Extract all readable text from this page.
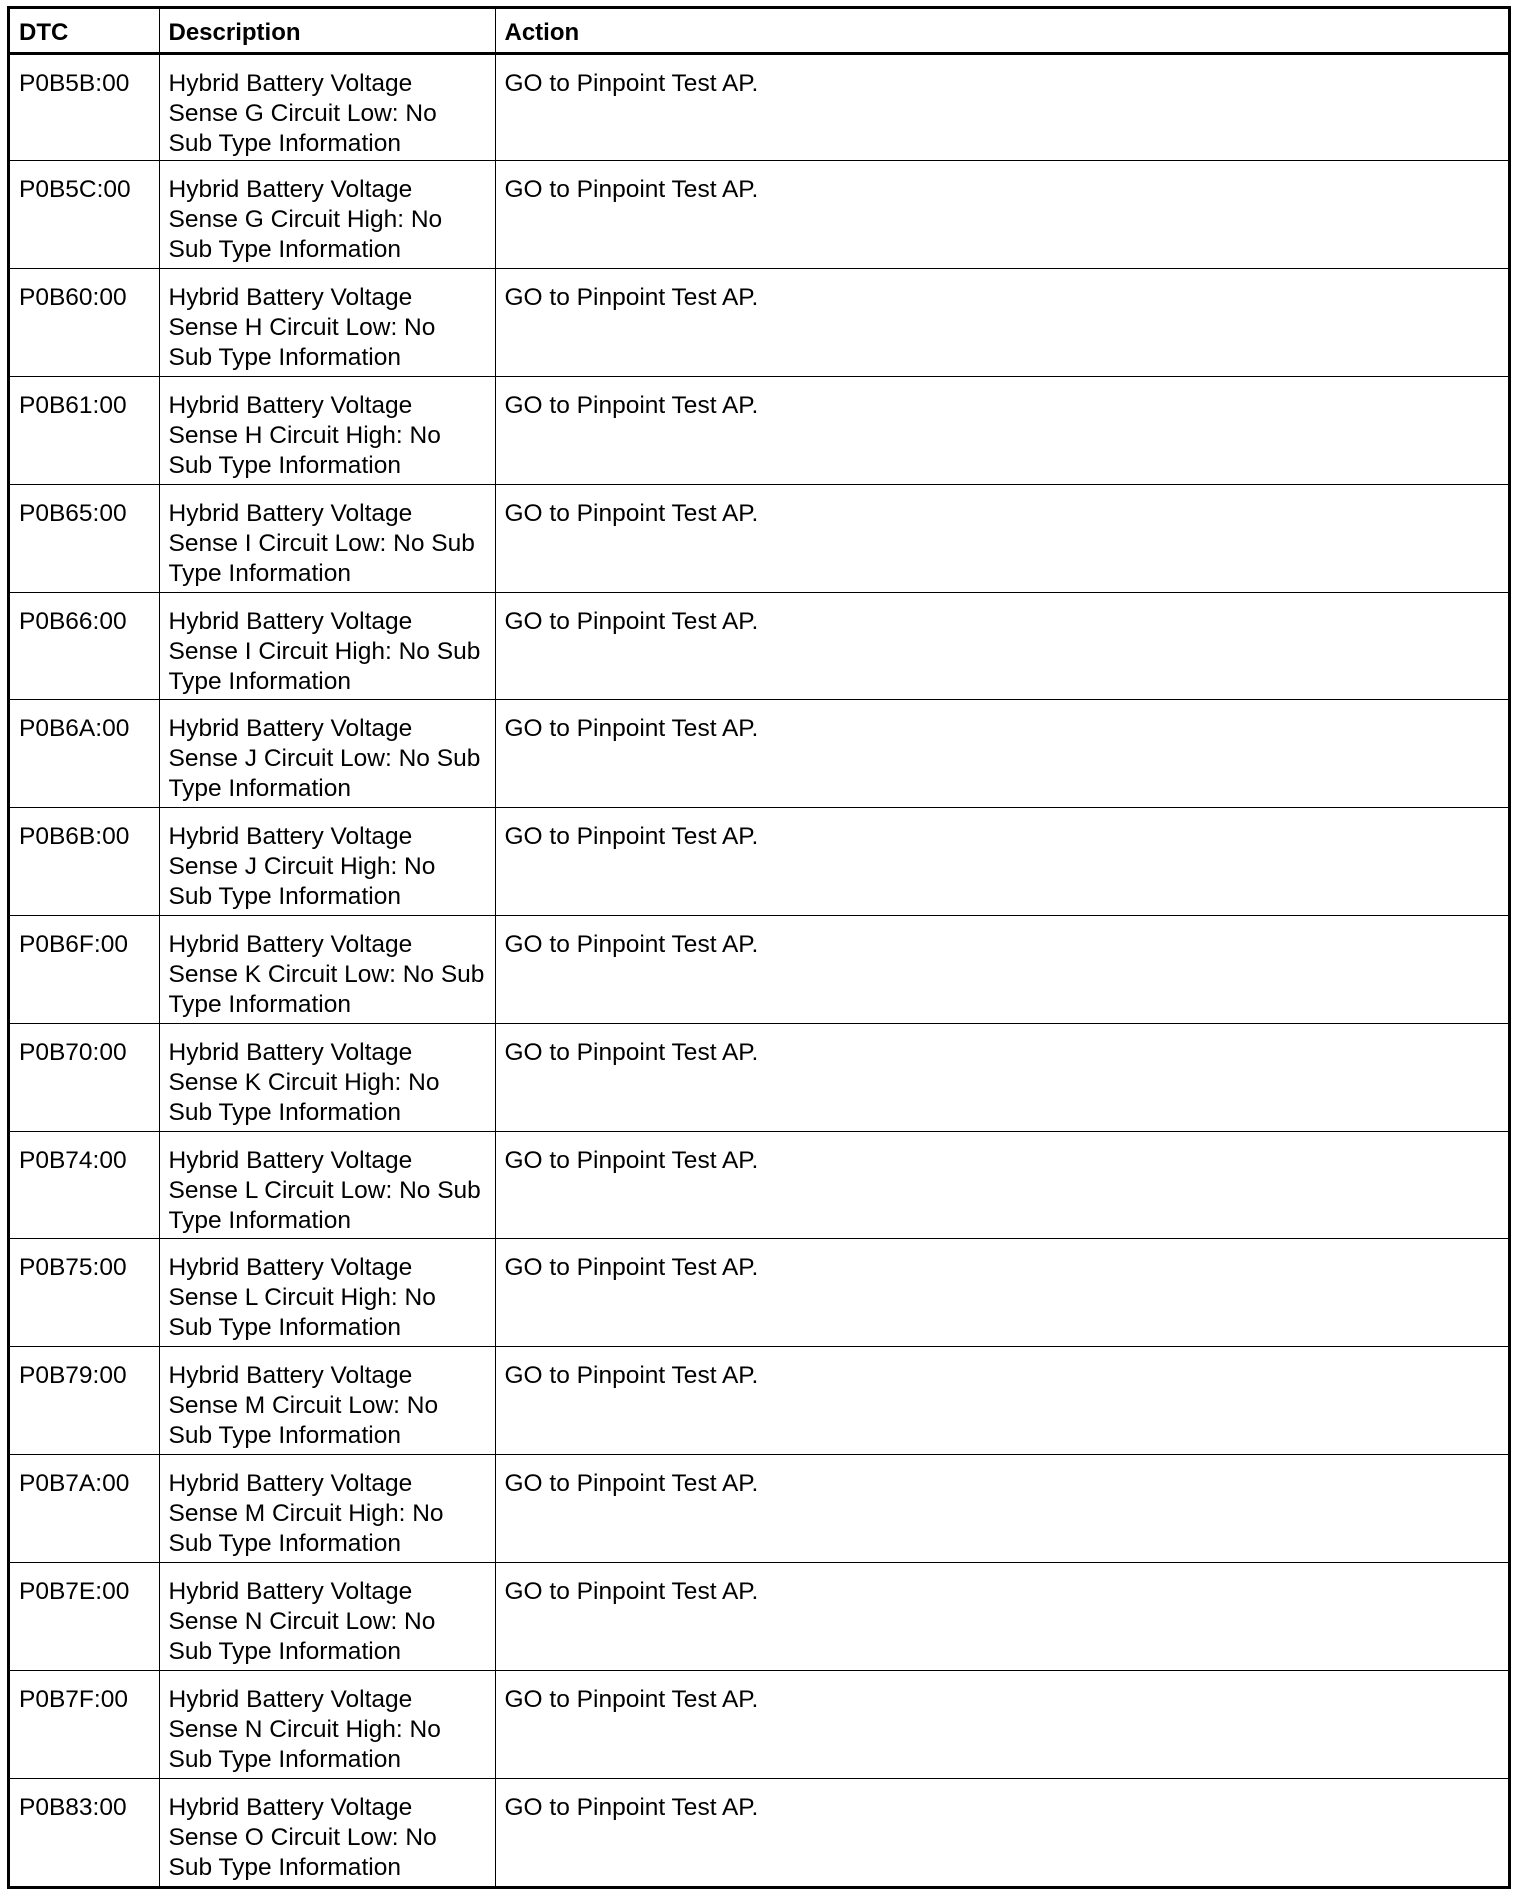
DTC	Description	Action
P0B5B:00	Hybrid Battery Voltage Sense G Circuit Low: No Sub Type Information	GO to Pinpoint Test AP.
P0B5C:00	Hybrid Battery Voltage Sense G Circuit High: No Sub Type Information	GO to Pinpoint Test AP.
P0B60:00	Hybrid Battery Voltage Sense H Circuit Low: No Sub Type Information	GO to Pinpoint Test AP.
P0B61:00	Hybrid Battery Voltage Sense H Circuit High: No Sub Type Information	GO to Pinpoint Test AP.
P0B65:00	Hybrid Battery Voltage Sense I Circuit Low: No Sub Type Information	GO to Pinpoint Test AP.
P0B66:00	Hybrid Battery Voltage Sense I Circuit High: No Sub Type Information	GO to Pinpoint Test AP.
P0B6A:00	Hybrid Battery Voltage Sense J Circuit Low: No Sub Type Information	GO to Pinpoint Test AP.
P0B6B:00	Hybrid Battery Voltage Sense J Circuit High: No Sub Type Information	GO to Pinpoint Test AP.
P0B6F:00	Hybrid Battery Voltage Sense K Circuit Low: No Sub Type Information	GO to Pinpoint Test AP.
P0B70:00	Hybrid Battery Voltage Sense K Circuit High: No Sub Type Information	GO to Pinpoint Test AP.
P0B74:00	Hybrid Battery Voltage Sense L Circuit Low: No Sub Type Information	GO to Pinpoint Test AP.
P0B75:00	Hybrid Battery Voltage Sense L Circuit High: No Sub Type Information	GO to Pinpoint Test AP.
P0B79:00	Hybrid Battery Voltage Sense M Circuit Low: No Sub Type Information	GO to Pinpoint Test AP.
P0B7A:00	Hybrid Battery Voltage Sense M Circuit High: No Sub Type Information	GO to Pinpoint Test AP.
P0B7E:00	Hybrid Battery Voltage Sense N Circuit Low: No Sub Type Information	GO to Pinpoint Test AP.
P0B7F:00	Hybrid Battery Voltage Sense N Circuit High: No Sub Type Information	GO to Pinpoint Test AP.
P0B83:00	Hybrid Battery Voltage Sense O Circuit Low: No Sub Type Information	GO to Pinpoint Test AP.
